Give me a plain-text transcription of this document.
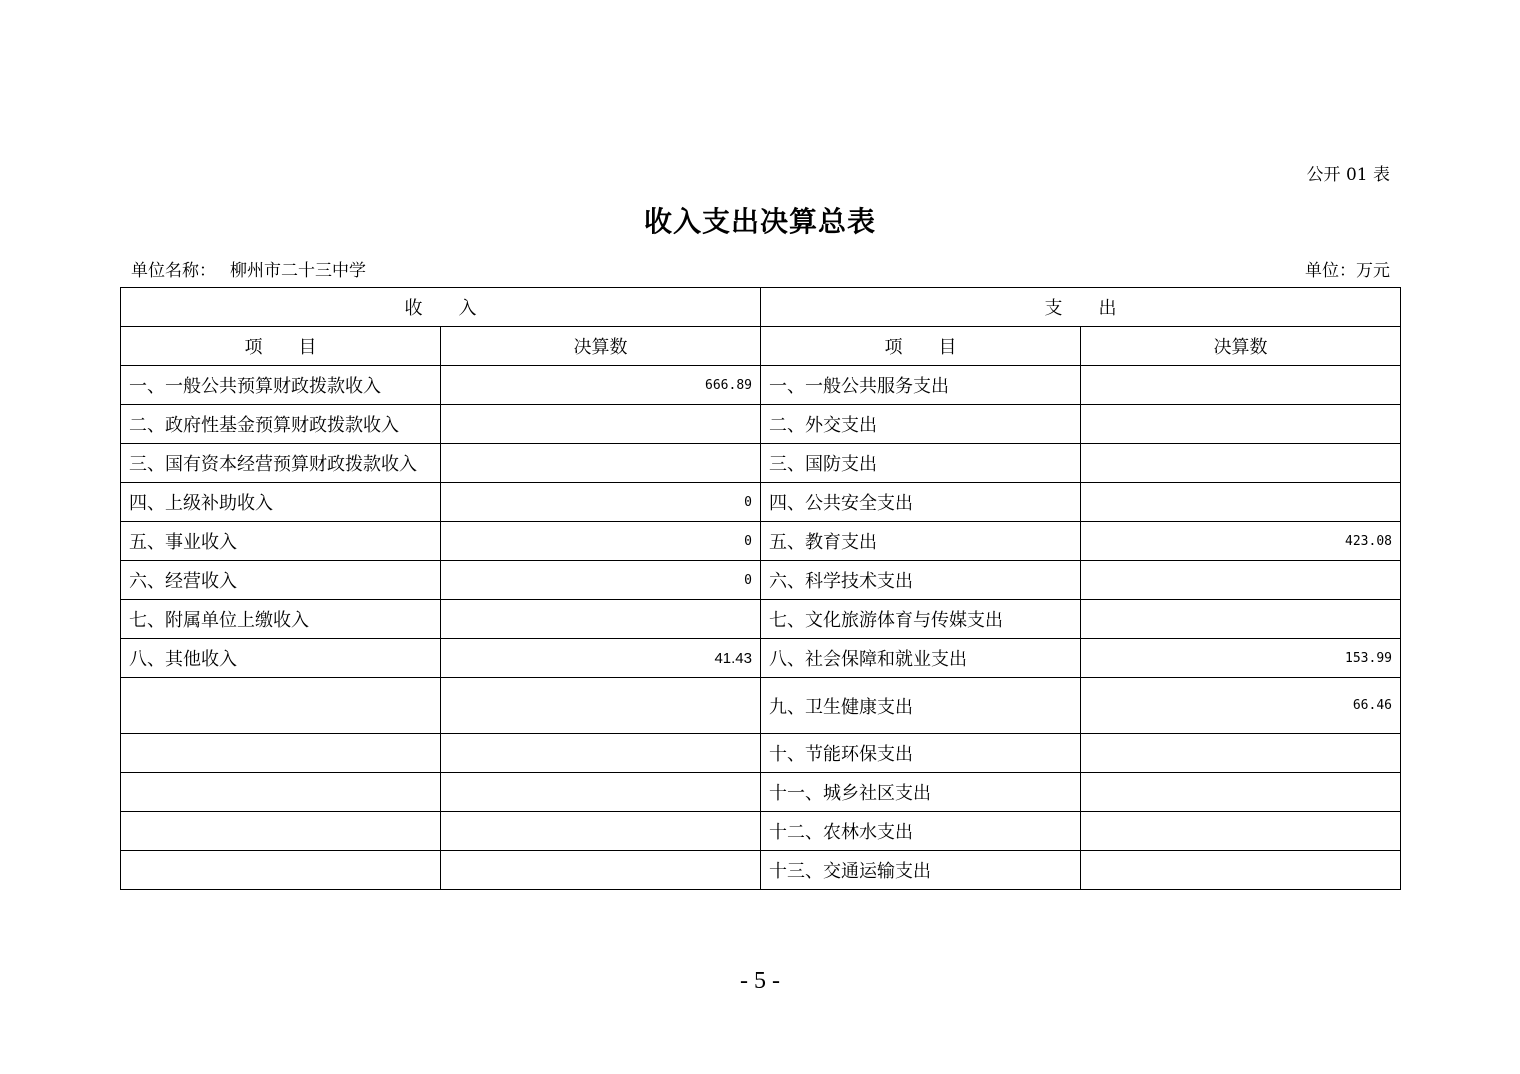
公开 01 表
收入支出决算总表
单位名称： 柳州市二十三中学	单位：万元
收　　入		支　　出	
项　　目	决算数	项　　目	决算数
一、一般公共预算财政拨款收入	666.89	一、一般公共服务支出	
二、政府性基金预算财政拨款收入		二、外交支出	
三、国有资本经营预算财政拨款收入		三、国防支出	
四、上级补助收入	0	四、公共安全支出	
五、事业收入	0	五、教育支出	423.08
六、经营收入	0	六、科学技术支出	
七、附属单位上缴收入		七、文化旅游体育与传媒支出	
八、其他收入	41.43	八、社会保障和就业支出	153.99
		九、卫生健康支出	66.46
		十、节能环保支出	
		十一、城乡社区支出	
		十二、农林水支出	
		十三、交通运输支出	
- 5 -
